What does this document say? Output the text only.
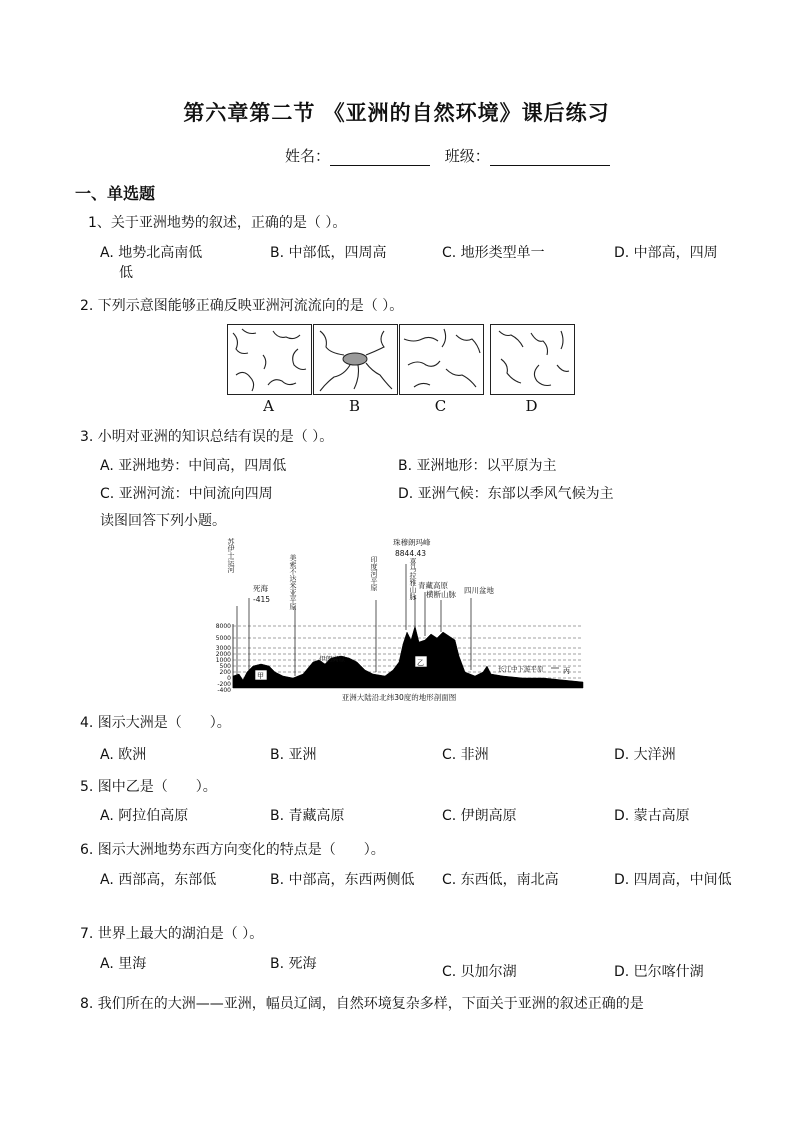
第六章第二节 《亚洲的自然环境》课后练习
姓名：	班级：
一、单选题
1、关于亚洲地势的叙述，正确的是（ ）。
A. 地势北高南低
低
B. 中部低，四周高	C. 地形类型单一	D. 中部高，四周
2. 下列示意图能够正确反映亚洲河流流向的是（ ）。
A	B	C	D
3. 小明对亚洲的知识总结有误的是（ ）。
A. 亚洲地势：中间高，四周低	B. 亚洲地形：以平原为主
C. 亚洲河流：中间流向四周	D. 亚洲气候：东部以季风气候为主
读图回答下列小题。
8000
5000
3000
2000
1000
500
200
0
-200
-400
甲
乙
丙
珠穆朗玛峰
8844.43
青藏高原
横断山脉 四川盆地
死海
-415
伊朗高原
长江中下游平原
苏伊士运河	美索不达米亚平原	印度河平原	喜马拉雅山脉
亚洲大陆沿北纬30度的地形剖面图
4. 图示大洲是（　　）。
A. 欧洲	B. 亚洲	C. 非洲	D. 大洋洲
5. 图中乙是（　　）。
A. 阿拉伯高原	B. 青藏高原	C. 伊朗高原	D. 蒙古高原
6. 图示大洲地势东西方向变化的特点是（　　）。
A. 西部高，东部低	B. 中部高，东西两侧低 C. 东西低，南北高	D. 四周高，中间低
7. 世界上最大的湖泊是（ ）。
A. 里海	B. 死海	C. 贝加尔湖	D. 巴尔喀什湖
8. 我们所在的大洲——亚洲，幅员辽阔，自然环境复杂多样，下面关于亚洲的叙述正确的是
